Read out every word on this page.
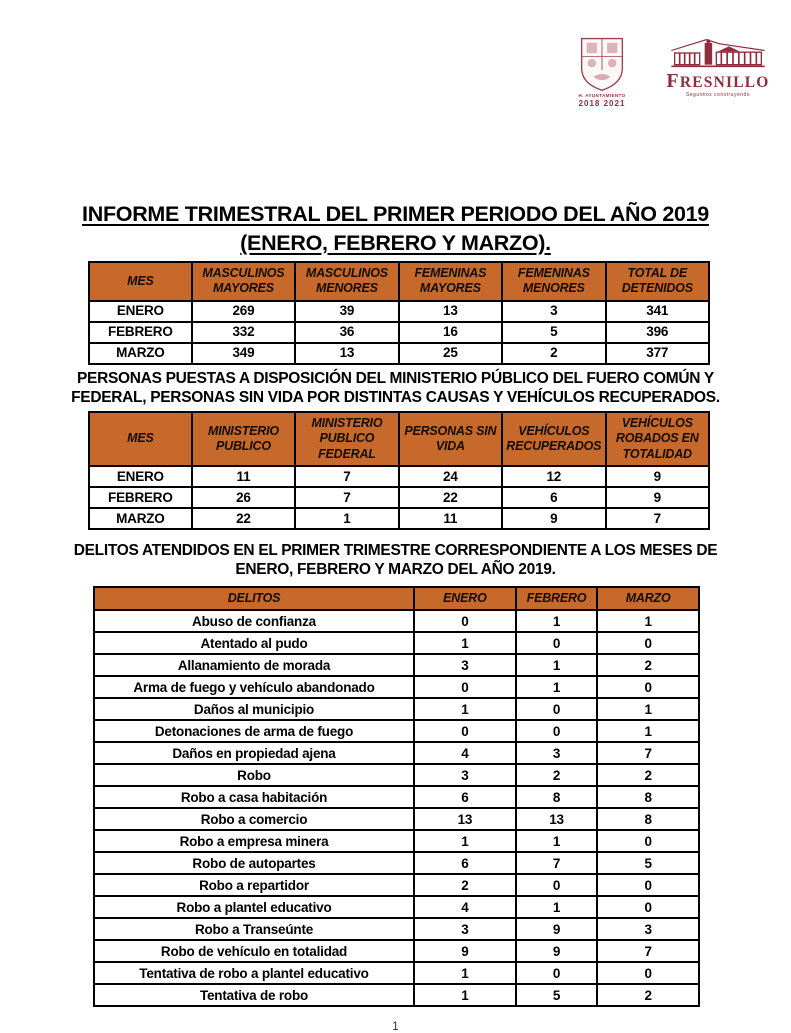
H. AYUNTAMIENTO
2018 2021
FRESNILLO
Seguimos construyendo
INFORME TRIMESTRAL DEL PRIMER PERIODO DEL AÑO 2019
(ENERO, FEBRERO Y MARZO).
MES	MASCULINOS MAYORES	MASCULINOS MENORES	FEMENINAS MAYORES	FEMENINAS MENORES	TOTAL DE DETENIDOS
ENERO	269	39	13	3	341
FEBRERO	332	36	16	5	396
MARZO	349	13	25	2	377

PERSONAS PUESTAS A DISPOSICIÓN DEL MINISTERIO PÚBLICO DEL FUERO COMÚN Y FEDERAL, PERSONAS SIN VIDA POR DISTINTAS CAUSAS Y VEHÍCULOS RECUPERADOS.

MES	MINISTERIO PUBLICO	MINISTERIO PUBLICO FEDERAL	PERSONAS SIN VIDA	VEHÍCULOS RECUPERADOS	VEHÍCULOS ROBADOS EN TOTALIDAD
ENERO	11	7	24	12	9
FEBRERO	26	7	22	6	9
MARZO	22	1	11	9	7

DELITOS ATENDIDOS EN EL PRIMER TRIMESTRE CORRESPONDIENTE A LOS MESES DE ENERO, FEBRERO Y MARZO DEL AÑO 2019.

DELITOS	ENERO	FEBRERO	MARZO
Abuso de confianza	0	1	1
Atentado al pudo	1	0	0
Allanamiento de morada	3	1	2
Arma de fuego y vehículo abandonado	0	1	0
Daños al municipio	1	0	1
Detonaciones de arma de fuego	0	0	1
Daños en propiedad ajena	4	3	7
Robo	3	2	2
Robo a casa habitación	6	8	8
Robo a comercio	13	13	8
Robo a empresa minera	1	1	0
Robo de autopartes	6	7	5
Robo a repartidor	2	0	0
Robo a plantel educativo	4	1	0
Robo a Transeúnte	3	9	3
Robo de vehículo en totalidad	9	9	7
Tentativa de robo a plantel educativo	1	0	0
Tentativa de robo	1	5	2
1
